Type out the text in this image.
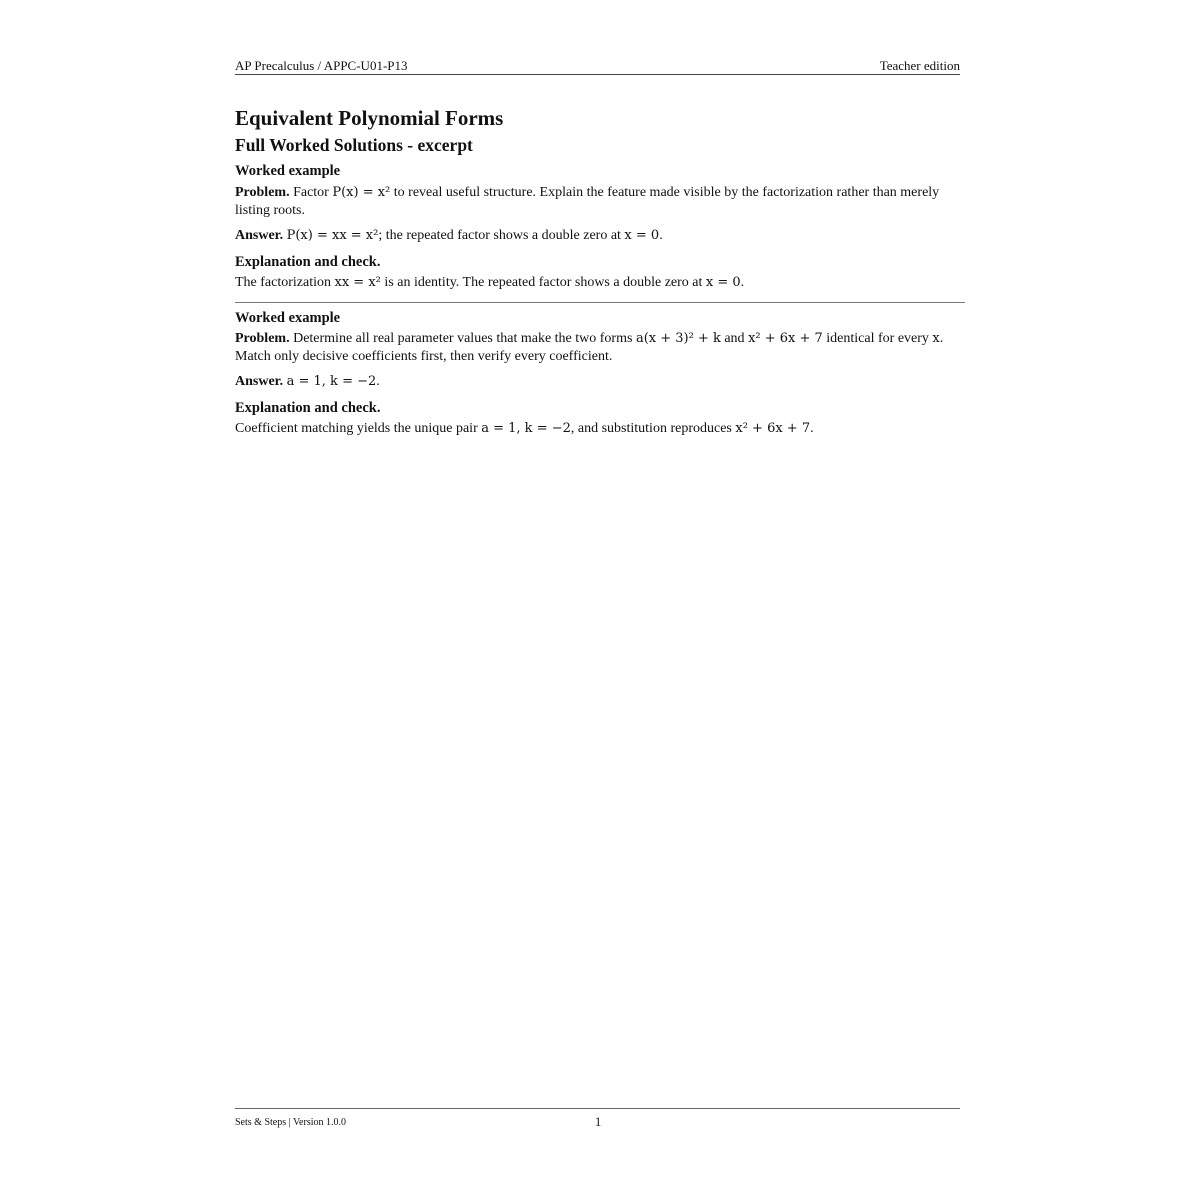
AP Precalculus / APPC-U01-P13	Teacher edition
Equivalent Polynomial Forms
Full Worked Solutions - excerpt
Worked example

Problem. Factor P(x) = x² to reveal useful structure. Explain the feature made visible by the factorization rather than merely listing roots.

Answer. P(x) = xx = x²; the repeated factor shows a double zero at x = 0.

Explanation and check.

The factorization xx = x² is an identity. The repeated factor shows a double zero at x = 0.

Worked example

Problem. Determine all real parameter values that make the two forms a(x + 3)² + k and x² + 6x + 7 identical for every x. Match only decisive coefficients first, then verify every coefficient.

Answer. a = 1, k = −2.

Explanation and check.

Coefficient matching yields the unique pair a = 1, k = −2, and substitution reproduces x² + 6x + 7.

Sets & Steps | Version 1.0.0	1
